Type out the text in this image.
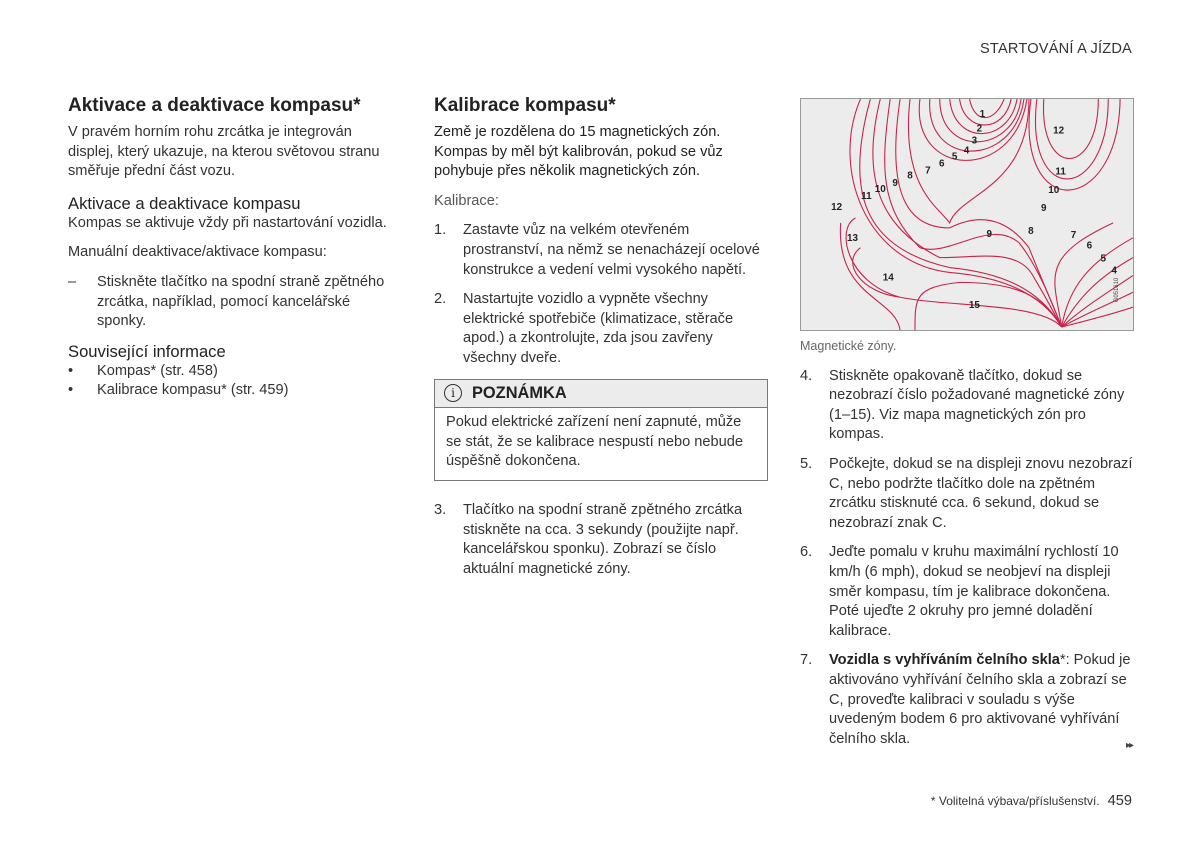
STARTOVÁNÍ A JÍZDA
Aktivace a deaktivace kompasu*

V pravém horním rohu zrcátka je integrován displej, který ukazuje, na kterou světovou stranu směřuje přední část vozu.

Aktivace a deaktivace kompasu

Kompas se aktivuje vždy při nastartování vozidla.

Manuální deaktivace/aktivace kompasu:

– Stiskněte tlačítko na spodní straně zpětného zrcátka, například, pomocí kancelářské sponky.
Související informace
• Kompas* (str. 458)
• Kalibrace kompasu* (str. 459)
Kalibrace kompasu*

Země je rozdělena do 15 magnetických zón. Kompas by měl být kalibrován, pokud se vůz pohybuje přes několik magnetických zón.

Kalibrace:

1. Zastavte vůz na velkém otevřeném prostranství, na němž se nenacházejí ocelové konstrukce a vedení velmi vysokého napětí.
2. Nastartujte vozidlo a vypněte všechny elektrické spotřebiče (klimatizace, stěrače apod.) a zkontrolujte, zda jsou zavřeny všechny dveře.
i	POZNÁMKA
Pokud elektrické zařízení není zapnuté, může se stát, že se kalibrace nespustí nebo nebude úspěšně dokončena.
3. Tlačítko na spodní straně zpětného zrcátka stiskněte na cca. 3 sekundy (použijte např. kancelářskou sponku). Zobrazí se číslo aktuální magnetické zóny.
1
2
3
4
5
6
7
8
9
10
11
12
13
14
15
12
11
10
9
9	8	7
6
5
4
G051610
Magnetické zóny.
4. Stiskněte opakovaně tlačítko, dokud se nezobrazí číslo požadované magnetické zóny (1–15). Viz mapa magnetických zón pro kompas.
5. Počkejte, dokud se na displeji znovu nezobrazí C, nebo podržte tlačítko dole na zpětném zrcátku stisknuté cca. 6 sekund, dokud se nezobrazí znak C.
6. Jeďte pomalu v kruhu maximální rychlostí 10 km/h (6 mph), dokud se neobjeví na displeji směr kompasu, tím je kalibrace dokončena. Poté ujeďte 2 okruhy pro jemné doladění kalibrace.
7. Vozidla s vyhříváním čelního skla*: Pokud je aktivováno vyhřívání čelního skla a zobrazí se C, proveďte kalibraci v souladu s výše uvedeným bodem 6 pro aktivované vyhřívání čelního skla.	▸▸
* Volitelná výbava/příslušenství. 459
